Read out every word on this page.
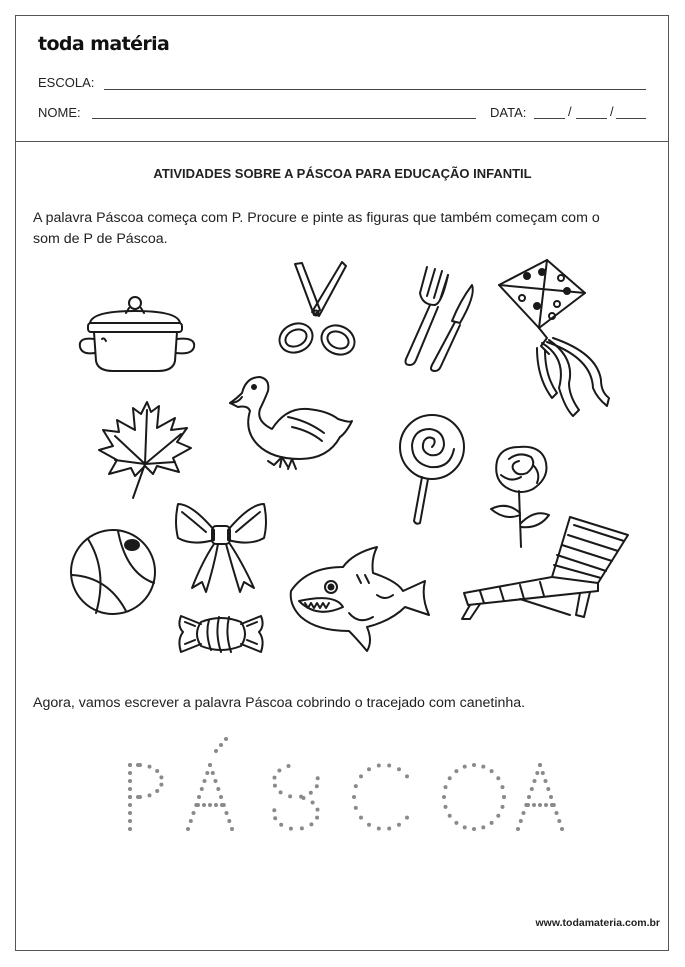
toda matéria
ESCOLA:
NOME:	DATA:	/	/
ATIVIDADES SOBRE A PÁSCOA PARA EDUCAÇÃO INFANTIL
A palavra Páscoa começa com P. Procure e pinte as figuras que também começam com o som de P de Páscoa.
Agora, vamos escrever a palavra Páscoa cobrindo o tracejado com canetinha.
www.todamateria.com.br
